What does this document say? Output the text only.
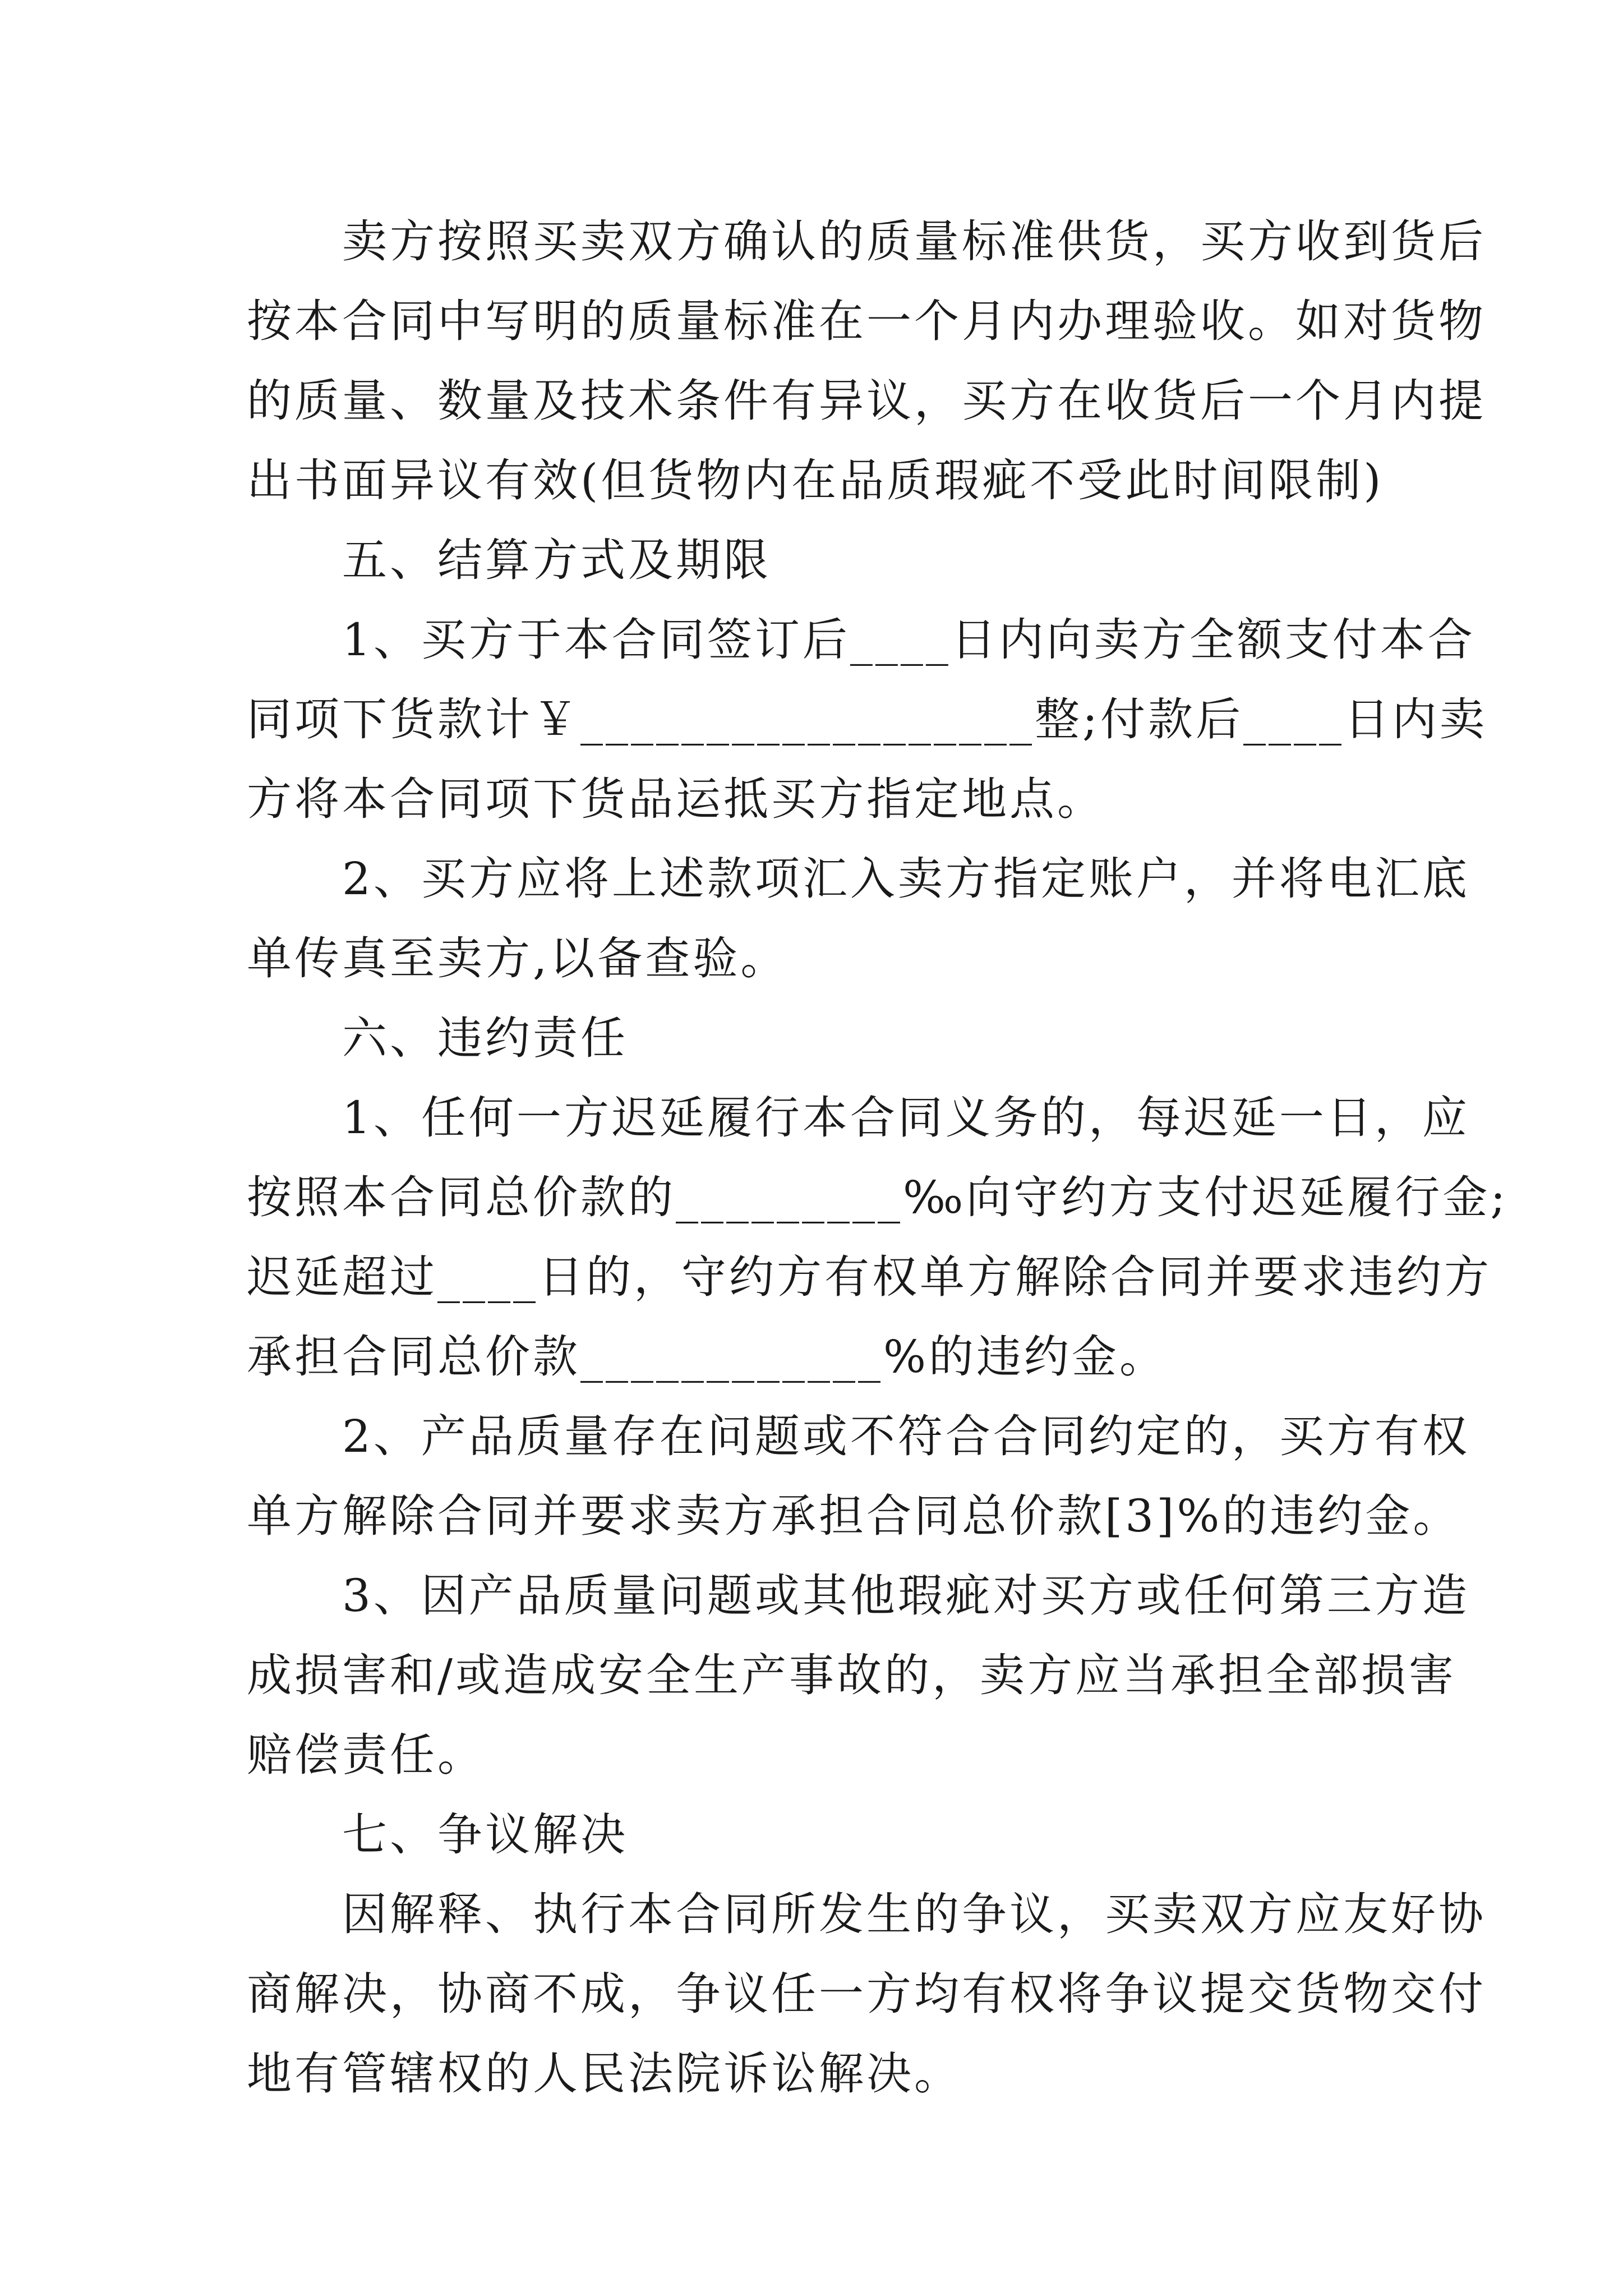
卖方按照买卖双方确认的质量标准供货，买方收到货后
按本合同中写明的质量标准在一个月内办理验收。如对货物
的质量、数量及技术条件有异议，买方在收货后一个月内提
出书面异议有效(但货物内在品质瑕疵不受此时间限制)
五、结算方式及期限
1、买方于本合同签订后____日内向卖方全额支付本合
同项下货款计￥__________________整;付款后____日内卖
方将本合同项下货品运抵买方指定地点。
2、买方应将上述款项汇入卖方指定账户，并将电汇底
单传真至卖方,以备查验。
六、违约责任
1、任何一方迟延履行本合同义务的，每迟延一日，应
按照本合同总价款的_________‰向守约方支付迟延履行金;
迟延超过____日的，守约方有权单方解除合同并要求违约方
承担合同总价款____________%的违约金。
2、产品质量存在问题或不符合合同约定的，买方有权
单方解除合同并要求卖方承担合同总价款[3]%的违约金。
3、因产品质量问题或其他瑕疵对买方或任何第三方造
成损害和/或造成安全生产事故的，卖方应当承担全部损害
赔偿责任。
七、争议解决
因解释、执行本合同所发生的争议，买卖双方应友好协
商解决，协商不成，争议任一方均有权将争议提交货物交付
地有管辖权的人民法院诉讼解决。
